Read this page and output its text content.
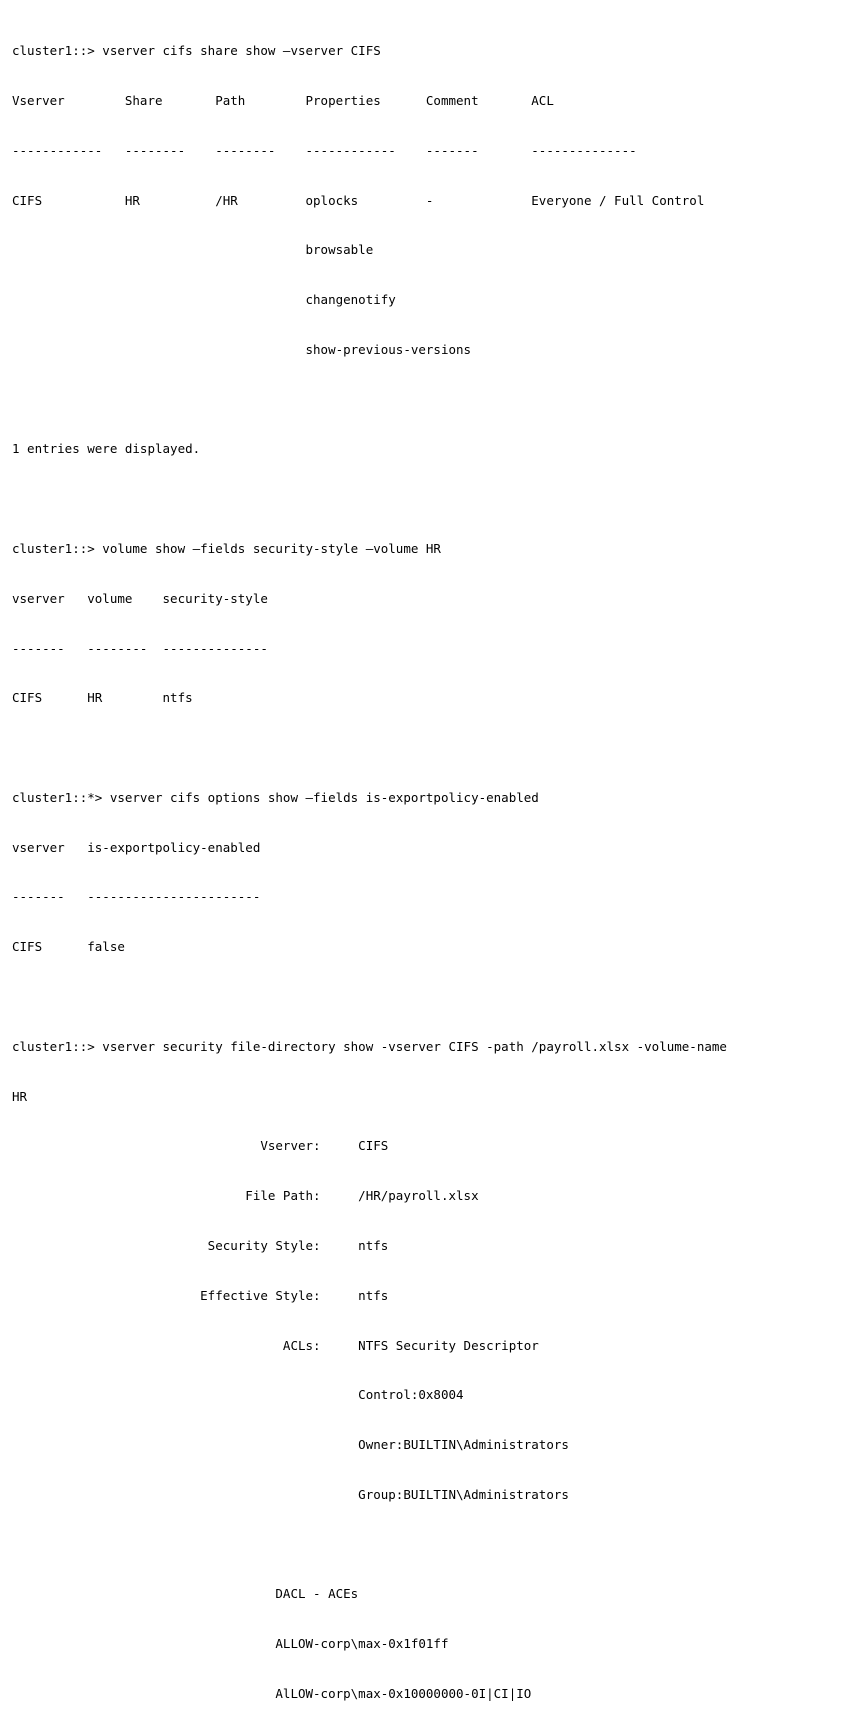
cluster1::> vserver cifs share show –vserver CIFS

Vserver        Share       Path        Properties      Comment       ACL

------------   --------    --------    ------------    -------       --------------

CIFS           HR          /HR         oplocks         -             Everyone / Full Control

browsable

changenotify

show-previous-versions

1 entries were displayed.

cluster1::> volume show –fields security-style –volume HR

vserver   volume    security-style

-------   --------  --------------

CIFS      HR        ntfs

cluster1::*> vserver cifs options show –fields is-exportpolicy-enabled

vserver   is-exportpolicy-enabled

-------   -----------------------

CIFS      false

cluster1::> vserver security file-directory show -vserver CIFS -path /payroll.xlsx -volume-name

HR

Vserver:     CIFS

File Path:     /HR/payroll.xlsx

Security Style:     ntfs

Effective Style:     ntfs

ACLs:     NTFS Security Descriptor

Control:0x8004

Owner:BUILTIN\Administrators

Group:BUILTIN\Administrators

DACL - ACEs

ALLOW-corp\max-0x1f01ff

AlLOW-corp\max-0x10000000-0I|CI|IO
